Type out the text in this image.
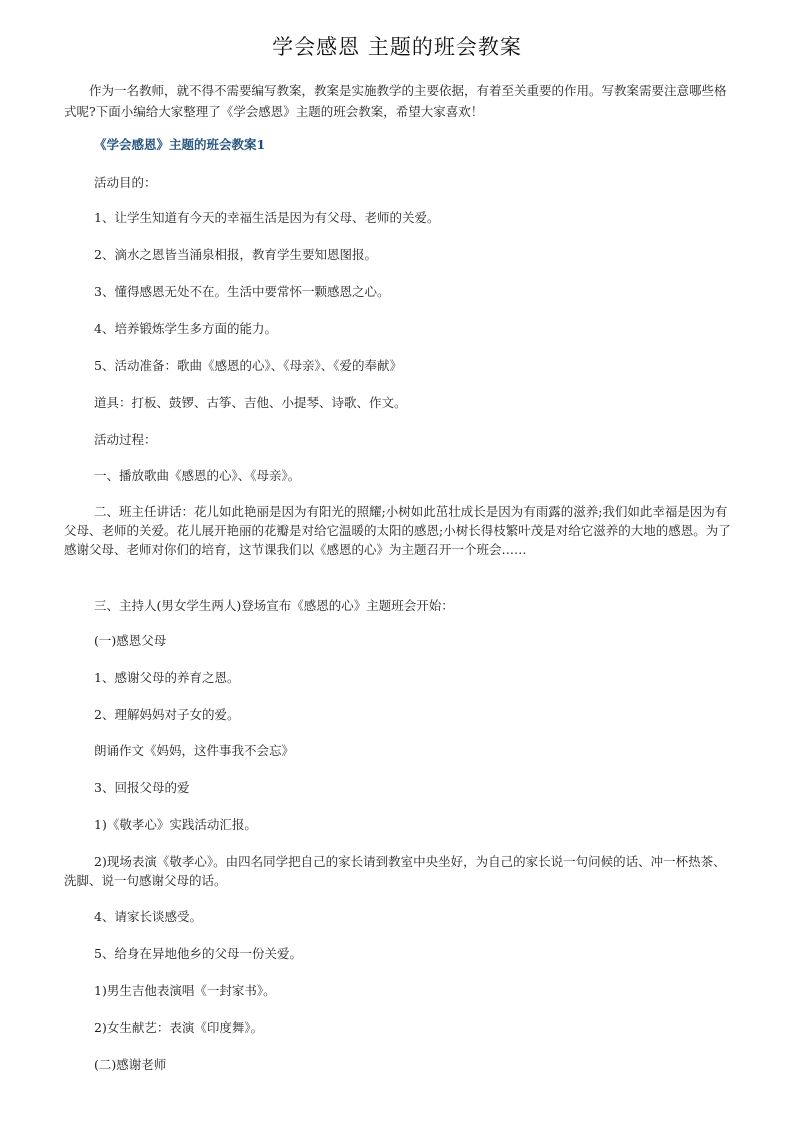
学会感恩 主题的班会教案

作为一名教师，就不得不需要编写教案，教案是实施教学的主要依据，有着至关重要的作用。写教案需要注意哪些格式呢?下面小编给大家整理了《学会感恩》主题的班会教案，希望大家喜欢！

《学会感恩》主题的班会教案1

活动目的：

1、让学生知道有今天的幸福生活是因为有父母、老师的关爱。

2、滴水之恩皆当涌泉相报，教育学生要知恩图报。

3、懂得感恩无处不在。生活中要常怀一颗感恩之心。

4、培养锻炼学生多方面的能力。

5、活动准备：歌曲《感恩的心》、《母亲》、《爱的奉献》

道具：打板、鼓锣、古筝、吉他、小提琴、诗歌、作文。

活动过程：

一、播放歌曲《感恩的心》、《母亲》。

二、班主任讲话：花儿如此艳丽是因为有阳光的照耀;小树如此茁壮成长是因为有雨露的滋养;我们如此幸福是因为有父母、老师的关爱。花儿展开艳丽的花瓣是对给它温暖的太阳的感恩;小树长得枝繁叶茂是对给它滋养的大地的感恩。为了感谢父母、老师对你们的培育，这节课我们以《感恩的心》为主题召开一个班会……

三、主持人(男女学生两人)登场宣布《感恩的心》主题班会开始：

(一)感恩父母

1、感谢父母的养育之恩。

2、理解妈妈对子女的爱。

朗诵作文《妈妈，这件事我不会忘》

3、回报父母的爱

1)《敬孝心》实践活动汇报。

2)现场表演《敬孝心》。由四名同学把自己的家长请到教室中央坐好，为自己的家长说一句问候的话、冲一杯热茶、洗脚、说一句感谢父母的话。

4、请家长谈感受。

5、给身在异地他乡的父母一份关爱。

1)男生吉他表演唱《一封家书》。

2)女生献艺：表演《印度舞》。

(二)感谢老师
